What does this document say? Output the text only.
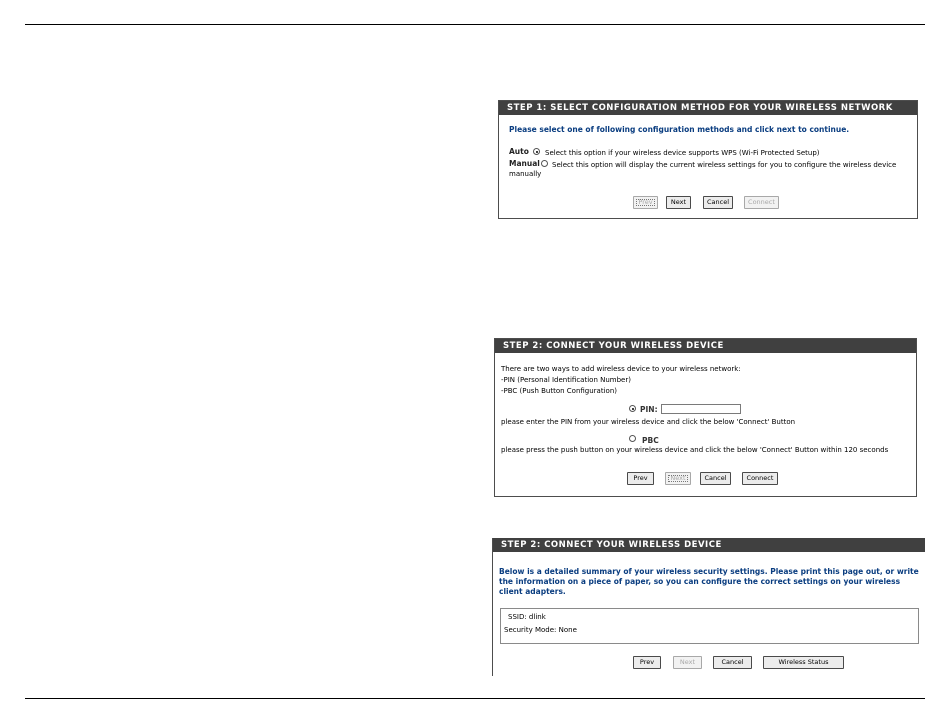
STEP 1: SELECT CONFIGURATION METHOD FOR YOUR WIRELESS NETWORK
Please select one of following configuration methods and click next to continue.
Auto Select this option if your wireless device supports WPS (Wi-Fi Protected Setup)
Manual Select this option will display the current wireless settings for you to configure the wireless device
manually
Prev	Next	Cancel	Connect
STEP 2: CONNECT YOUR WIRELESS DEVICE
There are two ways to add wireless device to your wireless network:
-PIN (Personal Identification Number)
-PBC (Push Button Configuration)
PIN:
please enter the PIN from your wireless device and click the below 'Connect' Button
PBC
please press the push button on your wireless device and click the below 'Connect' Button within 120 seconds
Prev	Next	Cancel	Connect
STEP 2: CONNECT YOUR WIRELESS DEVICE
Below is a detailed summary of your wireless security settings. Please print this page out, or write
the information on a piece of paper, so you can configure the correct settings on your wireless
client adapters.
SSID: dlink
Security Mode: None
Prev	Next	Cancel	Wireless Status
